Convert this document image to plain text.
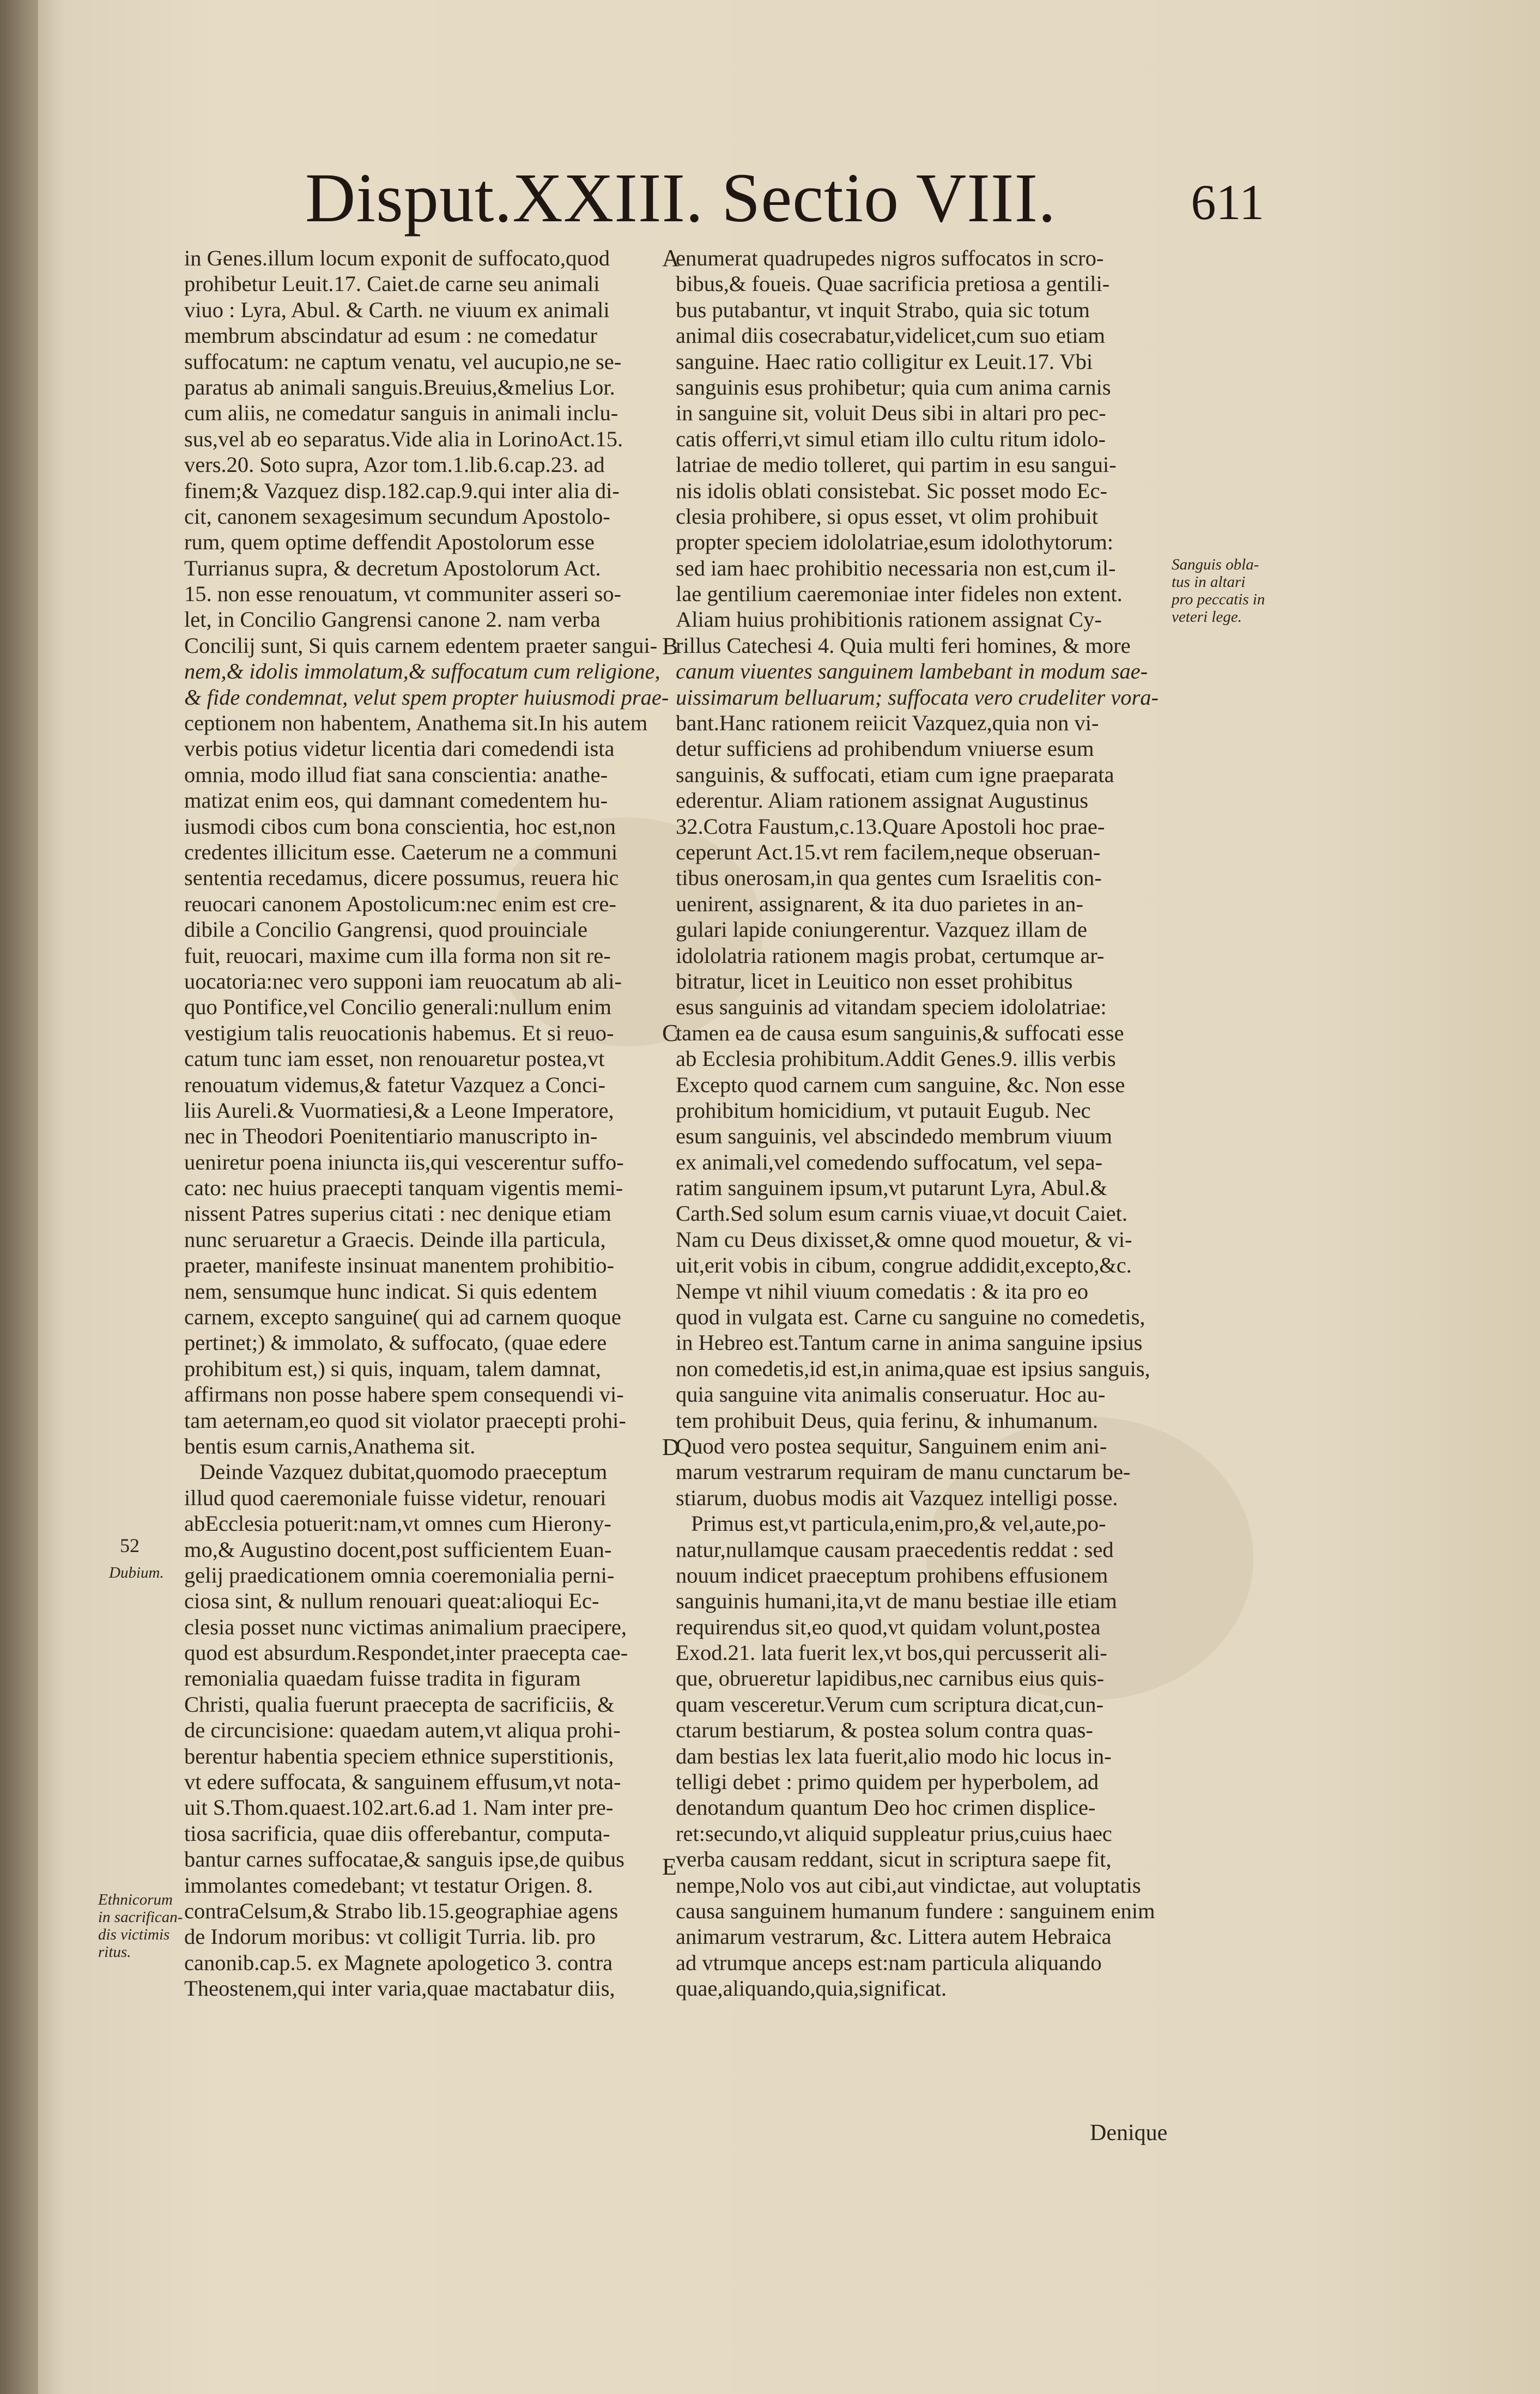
Disput.XXIII. Sectio VIII.	611
in Genes.illum locum exponit de suffocato,quod
prohibetur Leuit.17. Caiet.de carne seu animali
viuo : Lyra, Abul. & Carth. ne viuum ex animali
membrum abscindatur ad esum : ne comedatur
suffocatum: ne captum venatu, vel aucupio,ne se-
paratus ab animali sanguis.Breuius,&melius Lor.
cum aliis, ne comedatur sanguis in animali inclu-
sus,vel ab eo separatus.Vide alia in LorinoAct.15.
vers.20. Soto supra, Azor tom.1.lib.6.cap.23. ad
finem;& Vazquez disp.182.cap.9.qui inter alia di-
cit, canonem sexagesimum secundum Apostolo-
rum, quem optime deffendit Apostolorum esse
Turrianus supra, & decretum Apostolorum Act.
15. non esse renouatum, vt communiter asseri so-
let, in Concilio Gangrensi canone 2. nam verba
Concilij sunt, Si quis carnem edentem praeter sangui-
nem,& idolis immolatum,& suffocatum cum religione,
& fide condemnat, velut spem propter huiusmodi prae-
ceptionem non habentem, Anathema sit.In his autem
verbis potius videtur licentia dari comedendi ista
omnia, modo illud fiat sana conscientia: anathe-
matizat enim eos, qui damnant comedentem hu-
iusmodi cibos cum bona conscientia, hoc est,non
credentes illicitum esse. Caeterum ne a communi
sententia recedamus, dicere possumus, reuera hic
reuocari canonem Apostolicum:nec enim est cre-
dibile a Concilio Gangrensi, quod prouinciale
fuit, reuocari, maxime cum illa forma non sit re-
uocatoria:nec vero supponi iam reuocatum ab ali-
quo Pontifice,vel Concilio generali:nullum enim
vestigium talis reuocationis habemus. Et si reuo-
catum tunc iam esset, non renouaretur postea,vt
renouatum videmus,& fatetur Vazquez a Conci-
liis Aureli.& Vuormatiesi,& a Leone Imperatore,
nec in Theodori Poenitentiario manuscripto in-
ueniretur poena iniuncta iis,qui vescerentur suffo-
cato: nec huius praecepti tanquam vigentis memi-
nissent Patres superius citati : nec denique etiam
nunc seruaretur a Graecis. Deinde illa particula,
praeter, manifeste insinuat manentem prohibitio-
nem, sensumque hunc indicat. Si quis edentem
carnem, excepto sanguine( qui ad carnem quoque
pertinet;) & immolato, & suffocato, (quae edere
prohibitum est,) si quis, inquam, talem damnat,
affirmans non posse habere spem consequendi vi-
tam aeternam,eo quod sit violator praecepti prohi-
bentis esum carnis,Anathema sit.
Deinde Vazquez dubitat,quomodo praeceptum
illud quod caeremoniale fuisse videtur, renouari
abEcclesia potuerit:nam,vt omnes cum Hierony-
mo,& Augustino docent,post sufficientem Euan-
gelij praedicationem omnia coeremonialia perni-
ciosa sint, & nullum renouari queat:alioqui Ec-
clesia posset nunc victimas animalium praecipere,
quod est absurdum.Respondet,inter praecepta cae-
remonialia quaedam fuisse tradita in figuram
Christi, qualia fuerunt praecepta de sacrificiis, &
de circuncisione: quaedam autem,vt aliqua prohi-
berentur habentia speciem ethnice superstitionis,
vt edere suffocata, & sanguinem effusum,vt nota-
uit S.Thom.quaest.102.art.6.ad 1. Nam inter pre-
tiosa sacrificia, quae diis offerebantur, computa-
bantur carnes suffocatae,& sanguis ipse,de quibus
immolantes comedebant; vt testatur Origen. 8.
contraCelsum,& Strabo lib.15.geographiae agens
de Indorum moribus: vt colligit Turria. lib. pro
canonib.cap.5. ex Magnete apologetico 3. contra
Theostenem,qui inter varia,quae mactabatur diis,
enumerat quadrupedes nigros suffocatos in scro-
bibus,& foueis. Quae sacrificia pretiosa a gentili-
bus putabantur, vt inquit Strabo, quia sic totum
animal diis cosecrabatur,videlicet,cum suo etiam
sanguine. Haec ratio colligitur ex Leuit.17. Vbi
sanguinis esus prohibetur; quia cum anima carnis
in sanguine sit, voluit Deus sibi in altari pro pec-
catis offerri,vt simul etiam illo cultu ritum idolo-
latriae de medio tolleret, qui partim in esu sangui-
nis idolis oblati consistebat. Sic posset modo Ec-
clesia prohibere, si opus esset, vt olim prohibuit
propter speciem idololatriae,esum idolothytorum:
sed iam haec prohibitio necessaria non est,cum il-
lae gentilium caeremoniae inter fideles non extent.
Aliam huius prohibitionis rationem assignat Cy-
rillus Catechesi 4. Quia multi feri homines, & more
canum viuentes sanguinem lambebant in modum sae-
uissimarum belluarum; suffocata vero crudeliter vora-
bant.Hanc rationem reiicit Vazquez,quia non vi-
detur sufficiens ad prohibendum vniuerse esum
sanguinis, & suffocati, etiam cum igne praeparata
ederentur. Aliam rationem assignat Augustinus
32.Cotra Faustum,c.13.Quare Apostoli hoc prae-
ceperunt Act.15.vt rem facilem,neque obseruan-
tibus onerosam,in qua gentes cum Israelitis con-
uenirent, assignarent, & ita duo parietes in an-
gulari lapide coniungerentur. Vazquez illam de
idololatria rationem magis probat, certumque ar-
bitratur, licet in Leuitico non esset prohibitus
esus sanguinis ad vitandam speciem idololatriae:
tamen ea de causa esum sanguinis,& suffocati esse
ab Ecclesia prohibitum.Addit Genes.9. illis verbis
Excepto quod carnem cum sanguine, &c. Non esse
prohibitum homicidium, vt putauit Eugub. Nec
esum sanguinis, vel abscindedo membrum viuum
ex animali,vel comedendo suffocatum, vel sepa-
ratim sanguinem ipsum,vt putarunt Lyra, Abul.&
Carth.Sed solum esum carnis viuae,vt docuit Caiet.
Nam cu Deus dixisset,& omne quod mouetur, & vi-
uit,erit vobis in cibum, congrue addidit,excepto,&c.
Nempe vt nihil viuum comedatis : & ita pro eo
quod in vulgata est. Carne cu sanguine no comedetis,
in Hebreo est.Tantum carne in anima sanguine ipsius
non comedetis,id est,in anima,quae est ipsius sanguis,
quia sanguine vita animalis conseruatur. Hoc au-
tem prohibuit Deus, quia ferinu, & inhumanum.
Quod vero postea sequitur, Sanguinem enim ani-
marum vestrarum requiram de manu cunctarum be-
stiarum, duobus modis ait Vazquez intelligi posse.
Primus est,vt particula,enim,pro,& vel,aute,po-
natur,nullamque causam praecedentis reddat : sed
nouum indicet praeceptum prohibens effusionem
sanguinis humani,ita,vt de manu bestiae ille etiam
requirendus sit,eo quod,vt quidam volunt,postea
Exod.21. lata fuerit lex,vt bos,qui percusserit ali-
que, obrueretur lapidibus,nec carnibus eius quis-
quam vesceretur.Verum cum scriptura dicat,cun-
ctarum bestiarum, & postea solum contra quas-
dam bestias lex lata fuerit,alio modo hic locus in-
telligi debet : primo quidem per hyperbolem, ad
denotandum quantum Deo hoc crimen displice-
ret:secundo,vt aliquid suppleatur prius,cuius haec
verba causam reddant, sicut in scriptura saepe fit,
nempe,Nolo vos aut cibi,aut vindictae, aut voluptatis
causa sanguinem humanum fundere : sanguinem enim
animarum vestrarum, &c. Littera autem Hebraica
ad vtrumque anceps est:nam particula aliquando
quae,aliquando,quia,significat.
A
B
C
D
E
Sanguis obla-
tus in altari
pro peccatis in
veteri lege.
52
Dubium.
Ethnicorum
in sacrifican-
dis victimis
ritus.
Denique
